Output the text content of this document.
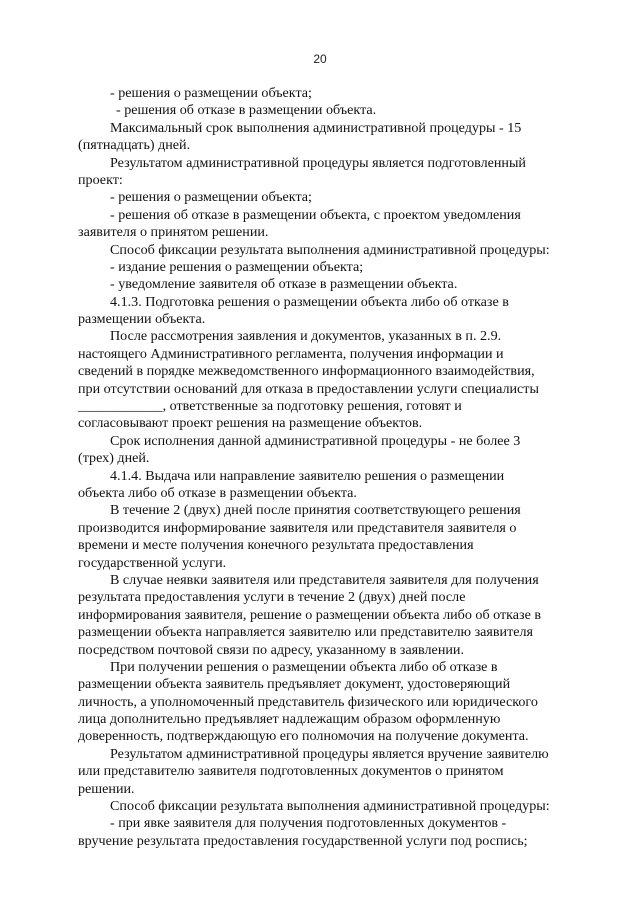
20
- решения о размещении объекта;
- решения об отказе в размещении объекта.
Максимальный срок выполнения административной процедуры - 15
(пятнадцать) дней.
Результатом административной процедуры является подготовленный
проект:
- решения о размещении объекта;
- решения об отказе в размещении объекта, с проектом уведомления
заявителя о принятом решении.
Способ фиксации результата выполнения административной процедуры:
- издание решения о размещении объекта;
- уведомление заявителя об отказе в размещении объекта.
4.1.3. Подготовка решения о размещении объекта либо об отказе в
размещении объекта.
После рассмотрения заявления и документов, указанных в п. 2.9.
настоящего Административного регламента, получения информации и
сведений в порядке межведомственного информационного взаимодействия,
при отсутствии оснований для отказа в предоставлении услуги специалисты
____________, ответственные за подготовку решения, готовят и
согласовывают проект решения на размещение объектов.
Срок исполнения данной административной процедуры - не более 3
(трех) дней.
4.1.4. Выдача или направление заявителю решения о размещении
объекта либо об отказе в размещении объекта.
В течение 2 (двух) дней после принятия соответствующего решения
производится информирование заявителя или представителя заявителя о
времени и месте получения конечного результата предоставления
государственной услуги.
В случае неявки заявителя или представителя заявителя для получения
результата предоставления услуги в течение 2 (двух) дней после
информирования заявителя, решение о размещении объекта либо об отказе в
размещении объекта направляется заявителю или представителю заявителя
посредством почтовой связи по адресу, указанному в заявлении.
При получении решения о размещении объекта либо об отказе в
размещении объекта заявитель предъявляет документ, удостоверяющий
личность, а уполномоченный представитель физического или юридического
лица дополнительно предъявляет надлежащим образом оформленную
доверенность, подтверждающую его полномочия на получение документа.
Результатом административной процедуры является вручение заявителю
или представителю заявителя подготовленных документов о принятом
решении.
Способ фиксации результата выполнения административной процедуры:
- при явке заявителя для получения подготовленных документов -
вручение результата предоставления государственной услуги под роспись;
